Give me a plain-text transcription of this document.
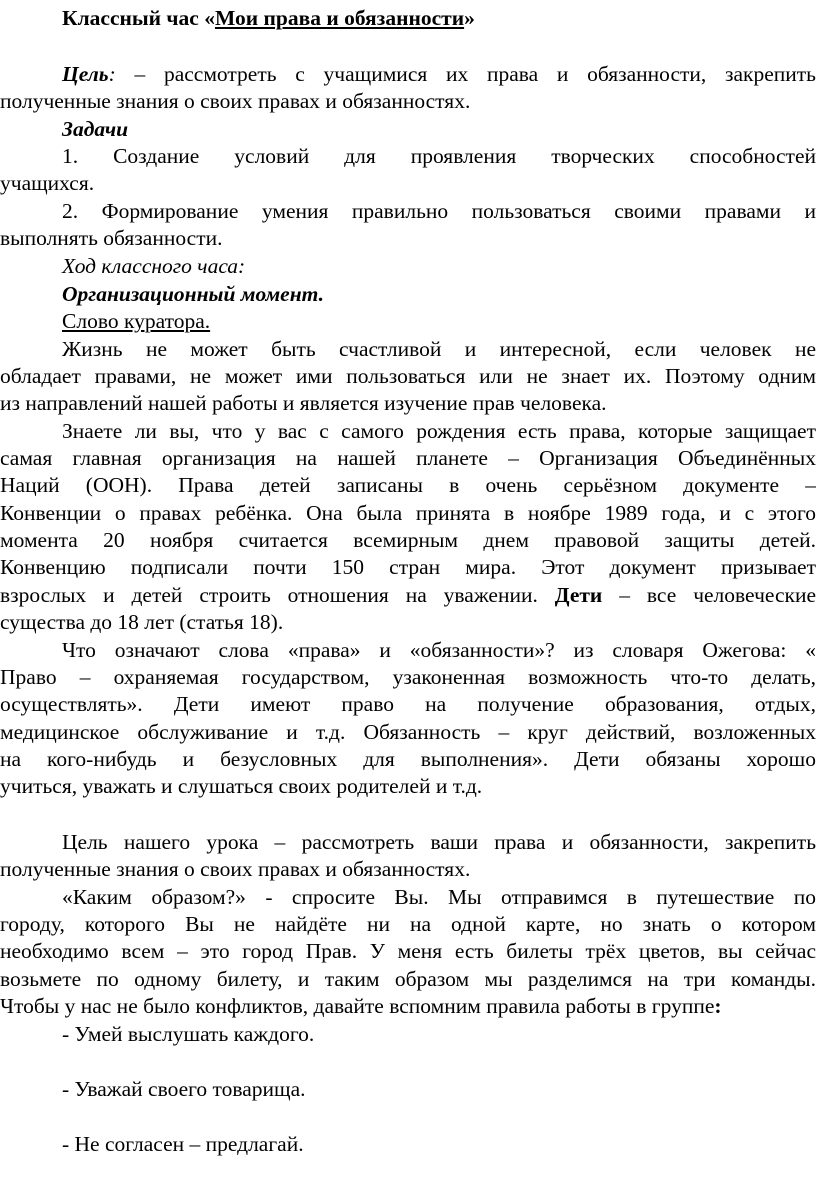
Классный час «Мои права и обязанности»

Цель: – рассмотреть с учащимися их права и обязанности, закрепить

полученные знания о своих правах и обязанностях.

Задачи

1. Создание условий для проявления творческих способностей

учащихся.

2. Формирование умения правильно пользоваться своими правами и

выполнять обязанности.

Ход классного часа:

Организационный момент.

Слово куратора.

Жизнь не может быть счастливой и интересной, если человек не

обладает правами, не может ими пользоваться или не знает их. Поэтому одним

из направлений нашей работы и является изучение прав человека.

Знаете ли вы, что у вас с самого рождения есть права, которые защищает

самая главная организация на нашей планете – Организация Объединённых

Наций (ООН). Права детей записаны в очень серьёзном документе –

Конвенции о правах ребёнка. Она была принята в ноябре 1989 года, и с этого

момента 20 ноября считается всемирным днем правовой защиты детей.

Конвенцию подписали почти 150 стран мира. Этот документ призывает

взрослых и детей строить отношения на уважении. Дети – все человеческие

существа до 18 лет (статья 18).

Что означают слова «права» и «обязанности»? из словаря Ожегова: «

Право – охраняемая государством, узаконенная возможность что-то делать,

осуществлять». Дети имеют право на получение образования, отдых,

медицинское обслуживание и т.д. Обязанность – круг действий, возложенных

на кого-нибудь и безусловных для выполнения». Дети обязаны хорошо

учиться, уважать и слушаться своих родителей и т.д.

Цель нашего урока – рассмотреть ваши права и обязанности, закрепить

полученные знания о своих правах и обязанностях.

«Каким образом?» - спросите Вы. Мы отправимся в путешествие по

городу, которого Вы не найдёте ни на одной карте, но знать о котором

необходимо всем – это город Прав. У меня есть билеты трёх цветов, вы сейчас

возьмете по одному билету, и таким образом мы разделимся на три команды.

Чтобы у нас не было конфликтов, давайте вспомним правила работы в группе:

- Умей выслушать каждого.

- Уважай своего товарища.

- Не согласен – предлагай.
